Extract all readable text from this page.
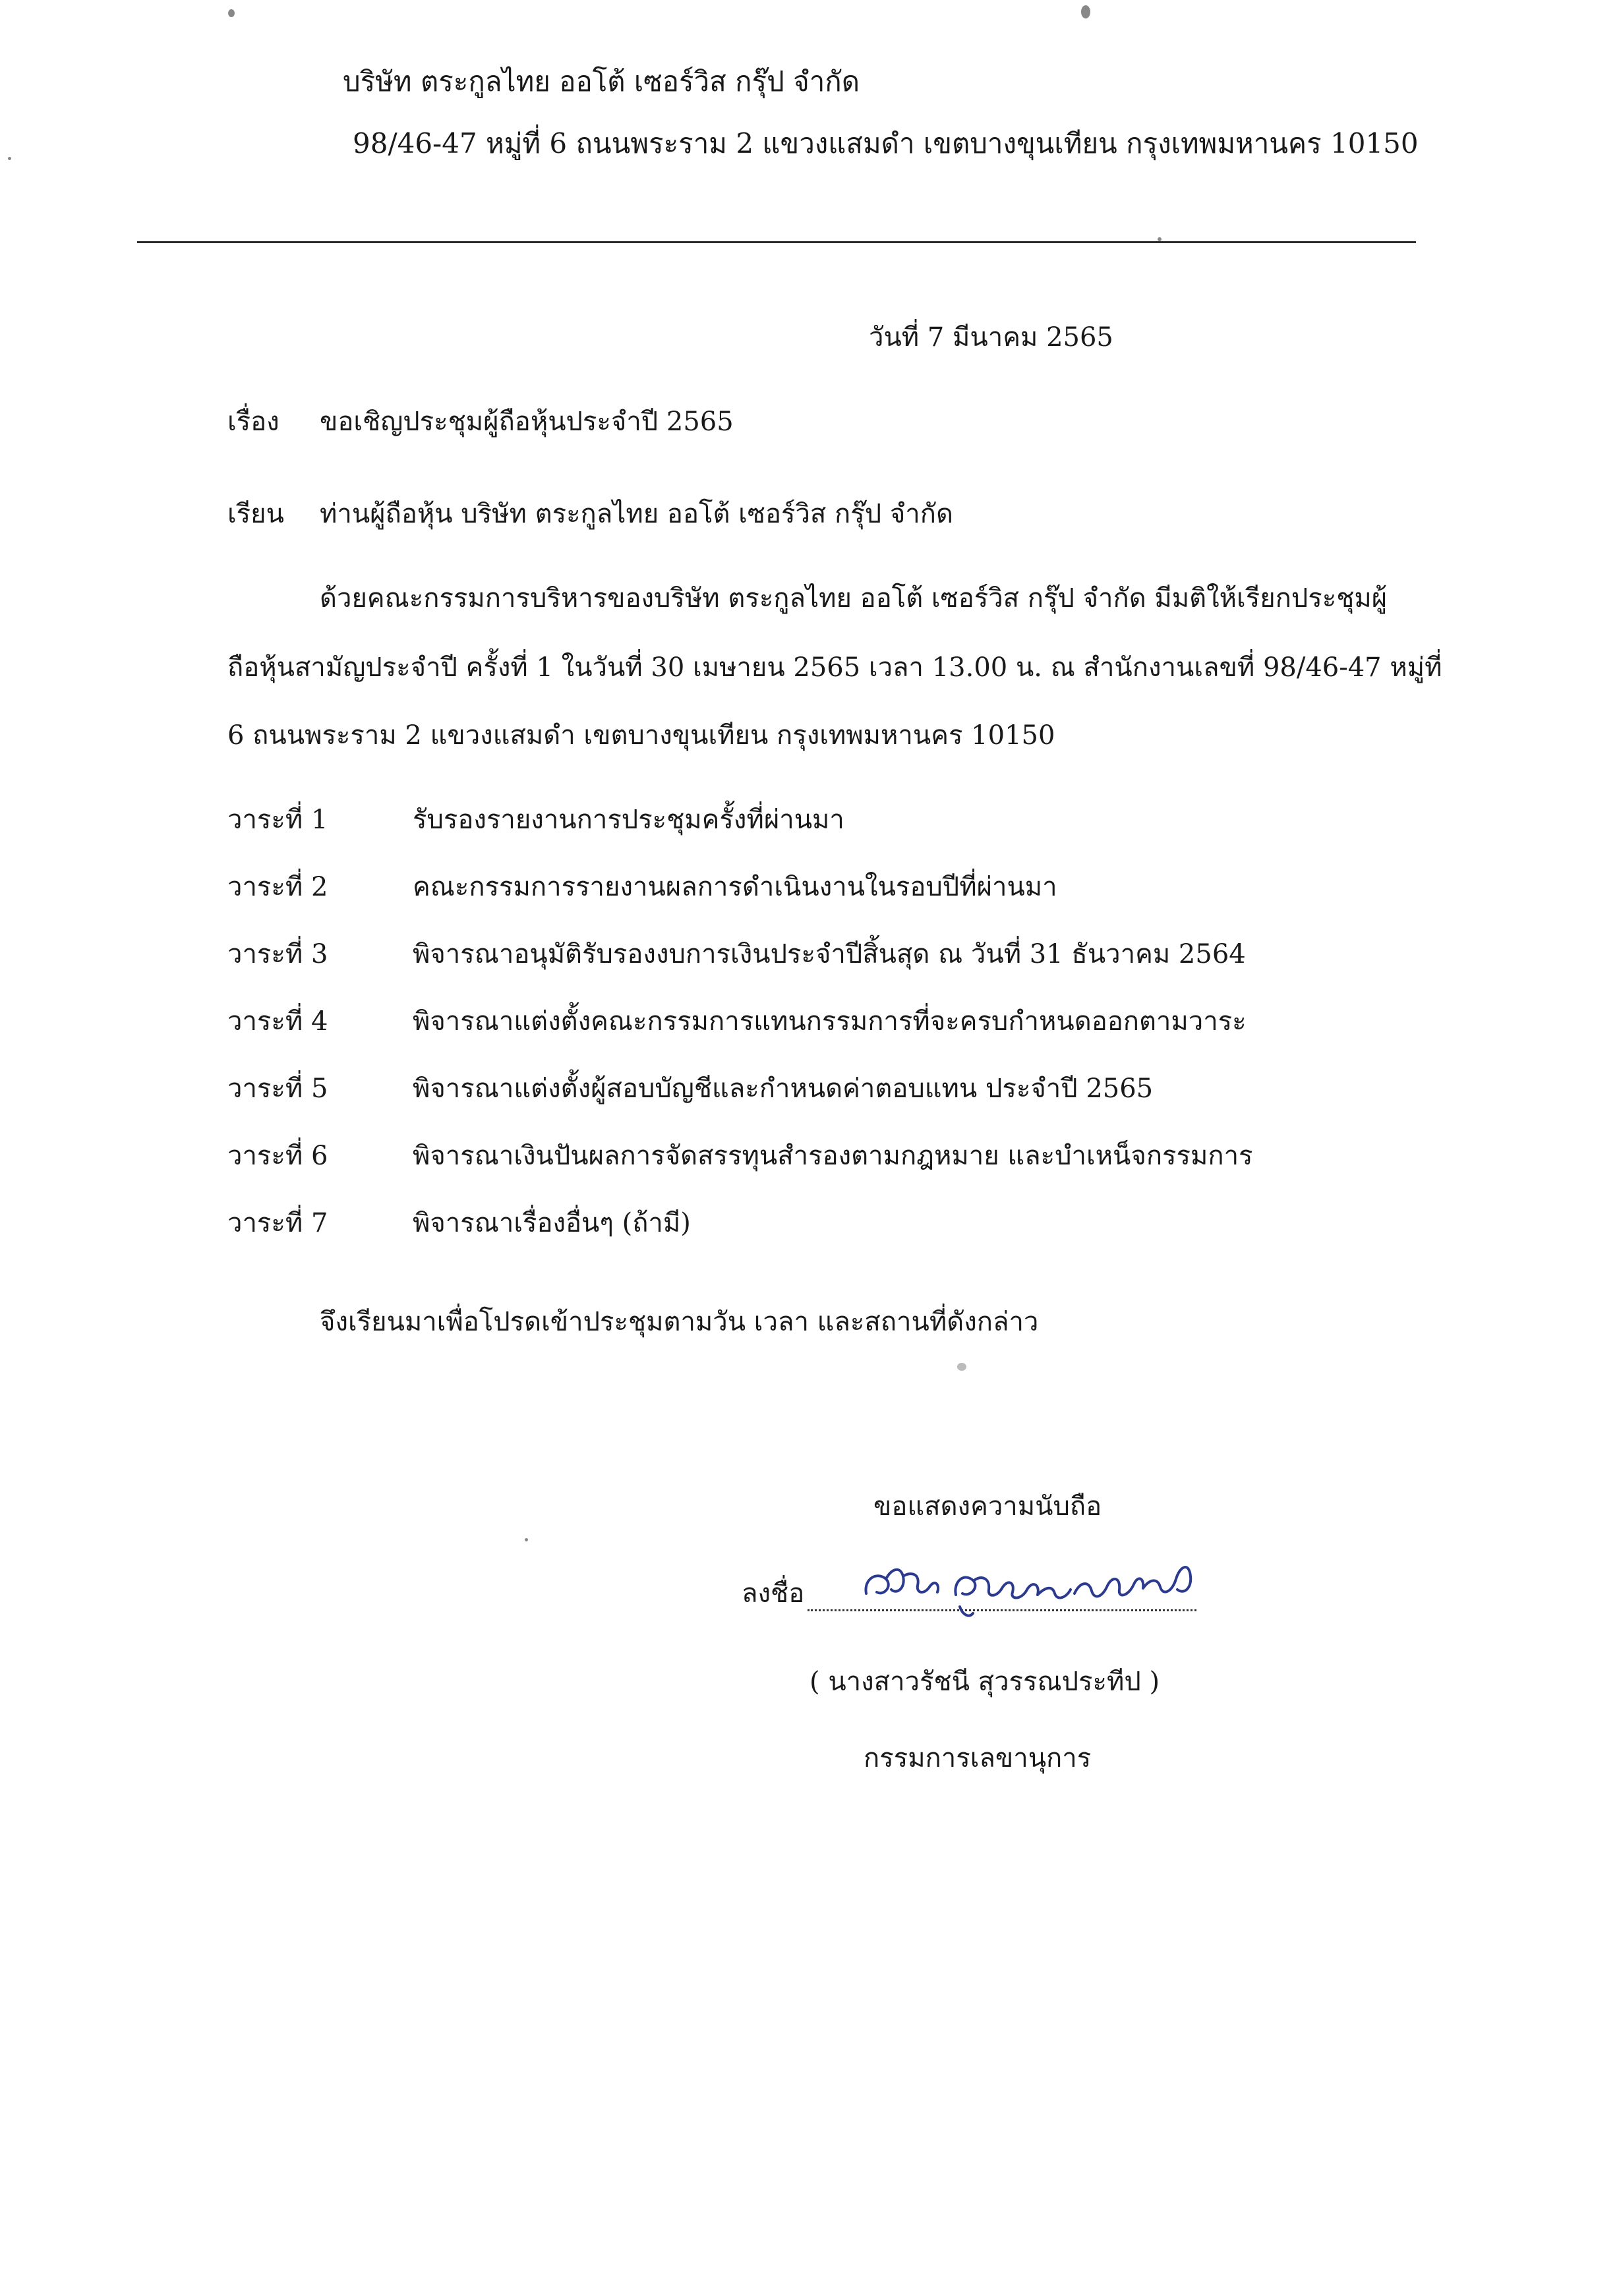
บริษัท ตระกูลไทย ออโต้ เซอร์วิส กรุ๊ป จำกัด
98/46-47 หมู่ที่ 6 ถนนพระราม 2 แขวงแสมดำ เขตบางขุนเทียน กรุงเทพมหานคร 10150
วันที่ 7 มีนาคม 2565
เรื่อง ขอเชิญประชุมผู้ถือหุ้นประจำปี 2565
เรียน ท่านผู้ถือหุ้น บริษัท ตระกูลไทย ออโต้ เซอร์วิส กรุ๊ป จำกัด
ด้วยคณะกรรมการบริหารของบริษัท ตระกูลไทย ออโต้ เซอร์วิส กรุ๊ป จำกัด มีมติให้เรียกประชุมผู้
ถือหุ้นสามัญประจำปี ครั้งที่ 1 ในวันที่ 30 เมษายน 2565 เวลา 13.00 น. ณ สำนักงานเลขที่ 98/46-47 หมู่ที่
6 ถนนพระราม 2 แขวงแสมดำ เขตบางขุนเทียน กรุงเทพมหานคร 10150
วาระที่ 1	รับรองรายงานการประชุมครั้งที่ผ่านมา
วาระที่ 2	คณะกรรมการรายงานผลการดำเนินงานในรอบปีที่ผ่านมา
วาระที่ 3	พิจารณาอนุมัติรับรองงบการเงินประจำปีสิ้นสุด ณ วันที่ 31 ธันวาคม 2564
วาระที่ 4	พิจารณาแต่งตั้งคณะกรรมการแทนกรรมการที่จะครบกำหนดออกตามวาระ
วาระที่ 5	พิจารณาแต่งตั้งผู้สอบบัญชีและกำหนดค่าตอบแทน ประจำปี 2565
วาระที่ 6	พิจารณาเงินปันผลการจัดสรรทุนสำรองตามกฎหมาย และบำเหน็จกรรมการ
วาระที่ 7	พิจารณาเรื่องอื่นๆ (ถ้ามี)
จึงเรียนมาเพื่อโปรดเข้าประชุมตามวัน เวลา และสถานที่ดังกล่าว
ขอแสดงความนับถือ
ลงชื่อ
( นางสาวรัชนี สุวรรณประทีป )
กรรมการเลขานุการ
